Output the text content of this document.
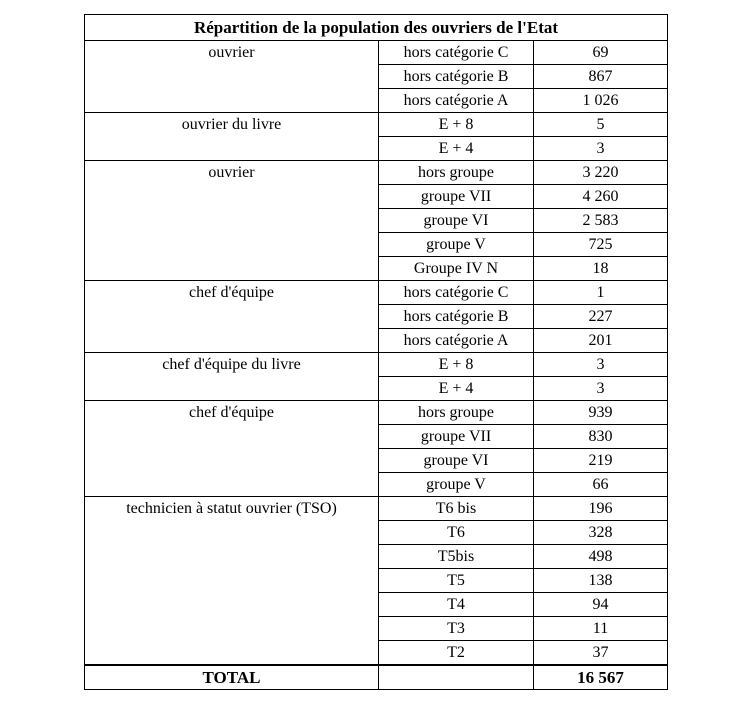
Répartition de la population des ouvriers de l'Etat		
ouvrier	hors catégorie C	69
	hors catégorie B	867
	hors catégorie A	1 026
ouvrier du livre	E + 8	5
	E + 4	3
ouvrier	hors groupe	3 220
	groupe VII	4 260
	groupe VI	2 583
	groupe V	725
	Groupe IV N	18
chef d'équipe	hors catégorie C	1
	hors catégorie B	227
	hors catégorie A	201
chef d'équipe du livre	E + 8	3
	E + 4	3
chef d'équipe	hors groupe	939
	groupe VII	830
	groupe VI	219
	groupe V	66
technicien à statut ouvrier (TSO)	T6 bis	196
	T6	328
	T5bis	498
	T5	138
	T4	94
	T3	11
	T2	37
TOTAL		16 567
